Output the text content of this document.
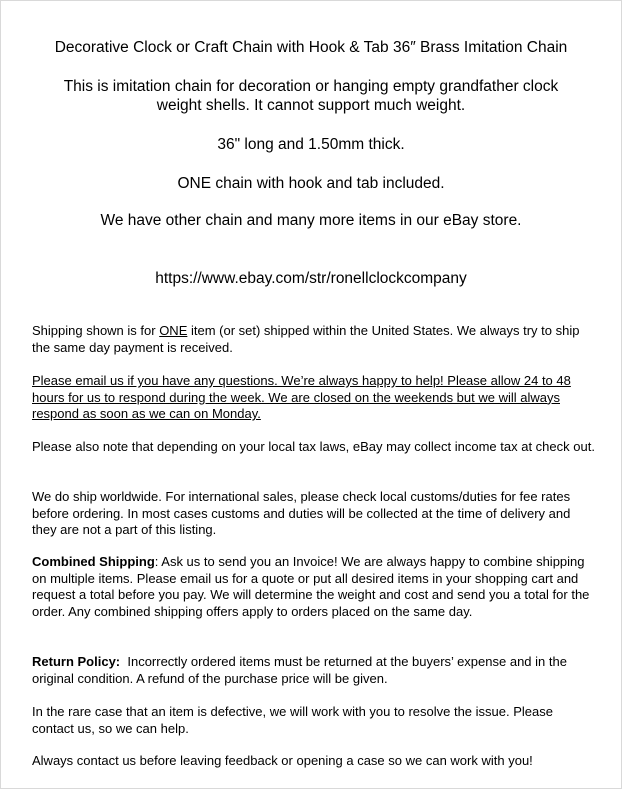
Decorative Clock or Craft Chain with Hook & Tab 36″ Brass Imitation Chain
This is imitation chain for decoration or hanging empty grandfather clock weight shells. It cannot support much weight.
36" long and 1.50mm thick.
ONE chain with hook and tab included.
We have other chain and many more items in our eBay store.
https://www.ebay.com/str/ronellclockcompany
Shipping shown is for ONE item (or set) shipped within the United States. We always try to ship the same day payment is received.
Please email us if you have any questions. We’re always happy to help! Please allow 24 to 48 hours for us to respond during the week. We are closed on the weekends but we will always respond as soon as we can on Monday.
Please also note that depending on your local tax laws, eBay may collect income tax at check out.
We do ship worldwide. For international sales, please check local customs/duties for fee rates before ordering. In most cases customs and duties will be collected at the time of delivery and they are not a part of this listing.
Combined Shipping: Ask us to send you an Invoice! We are always happy to combine shipping on multiple items. Please email us for a quote or put all desired items in your shopping cart and request a total before you pay. We will determine the weight and cost and send you a total for the order. Any combined shipping offers apply to orders placed on the same day.
Return Policy:  Incorrectly ordered items must be returned at the buyers’ expense and in the original condition. A refund of the purchase price will be given.
In the rare case that an item is defective, we will work with you to resolve the issue. Please contact us, so we can help.
Always contact us before leaving feedback or opening a case so we can work with you!
